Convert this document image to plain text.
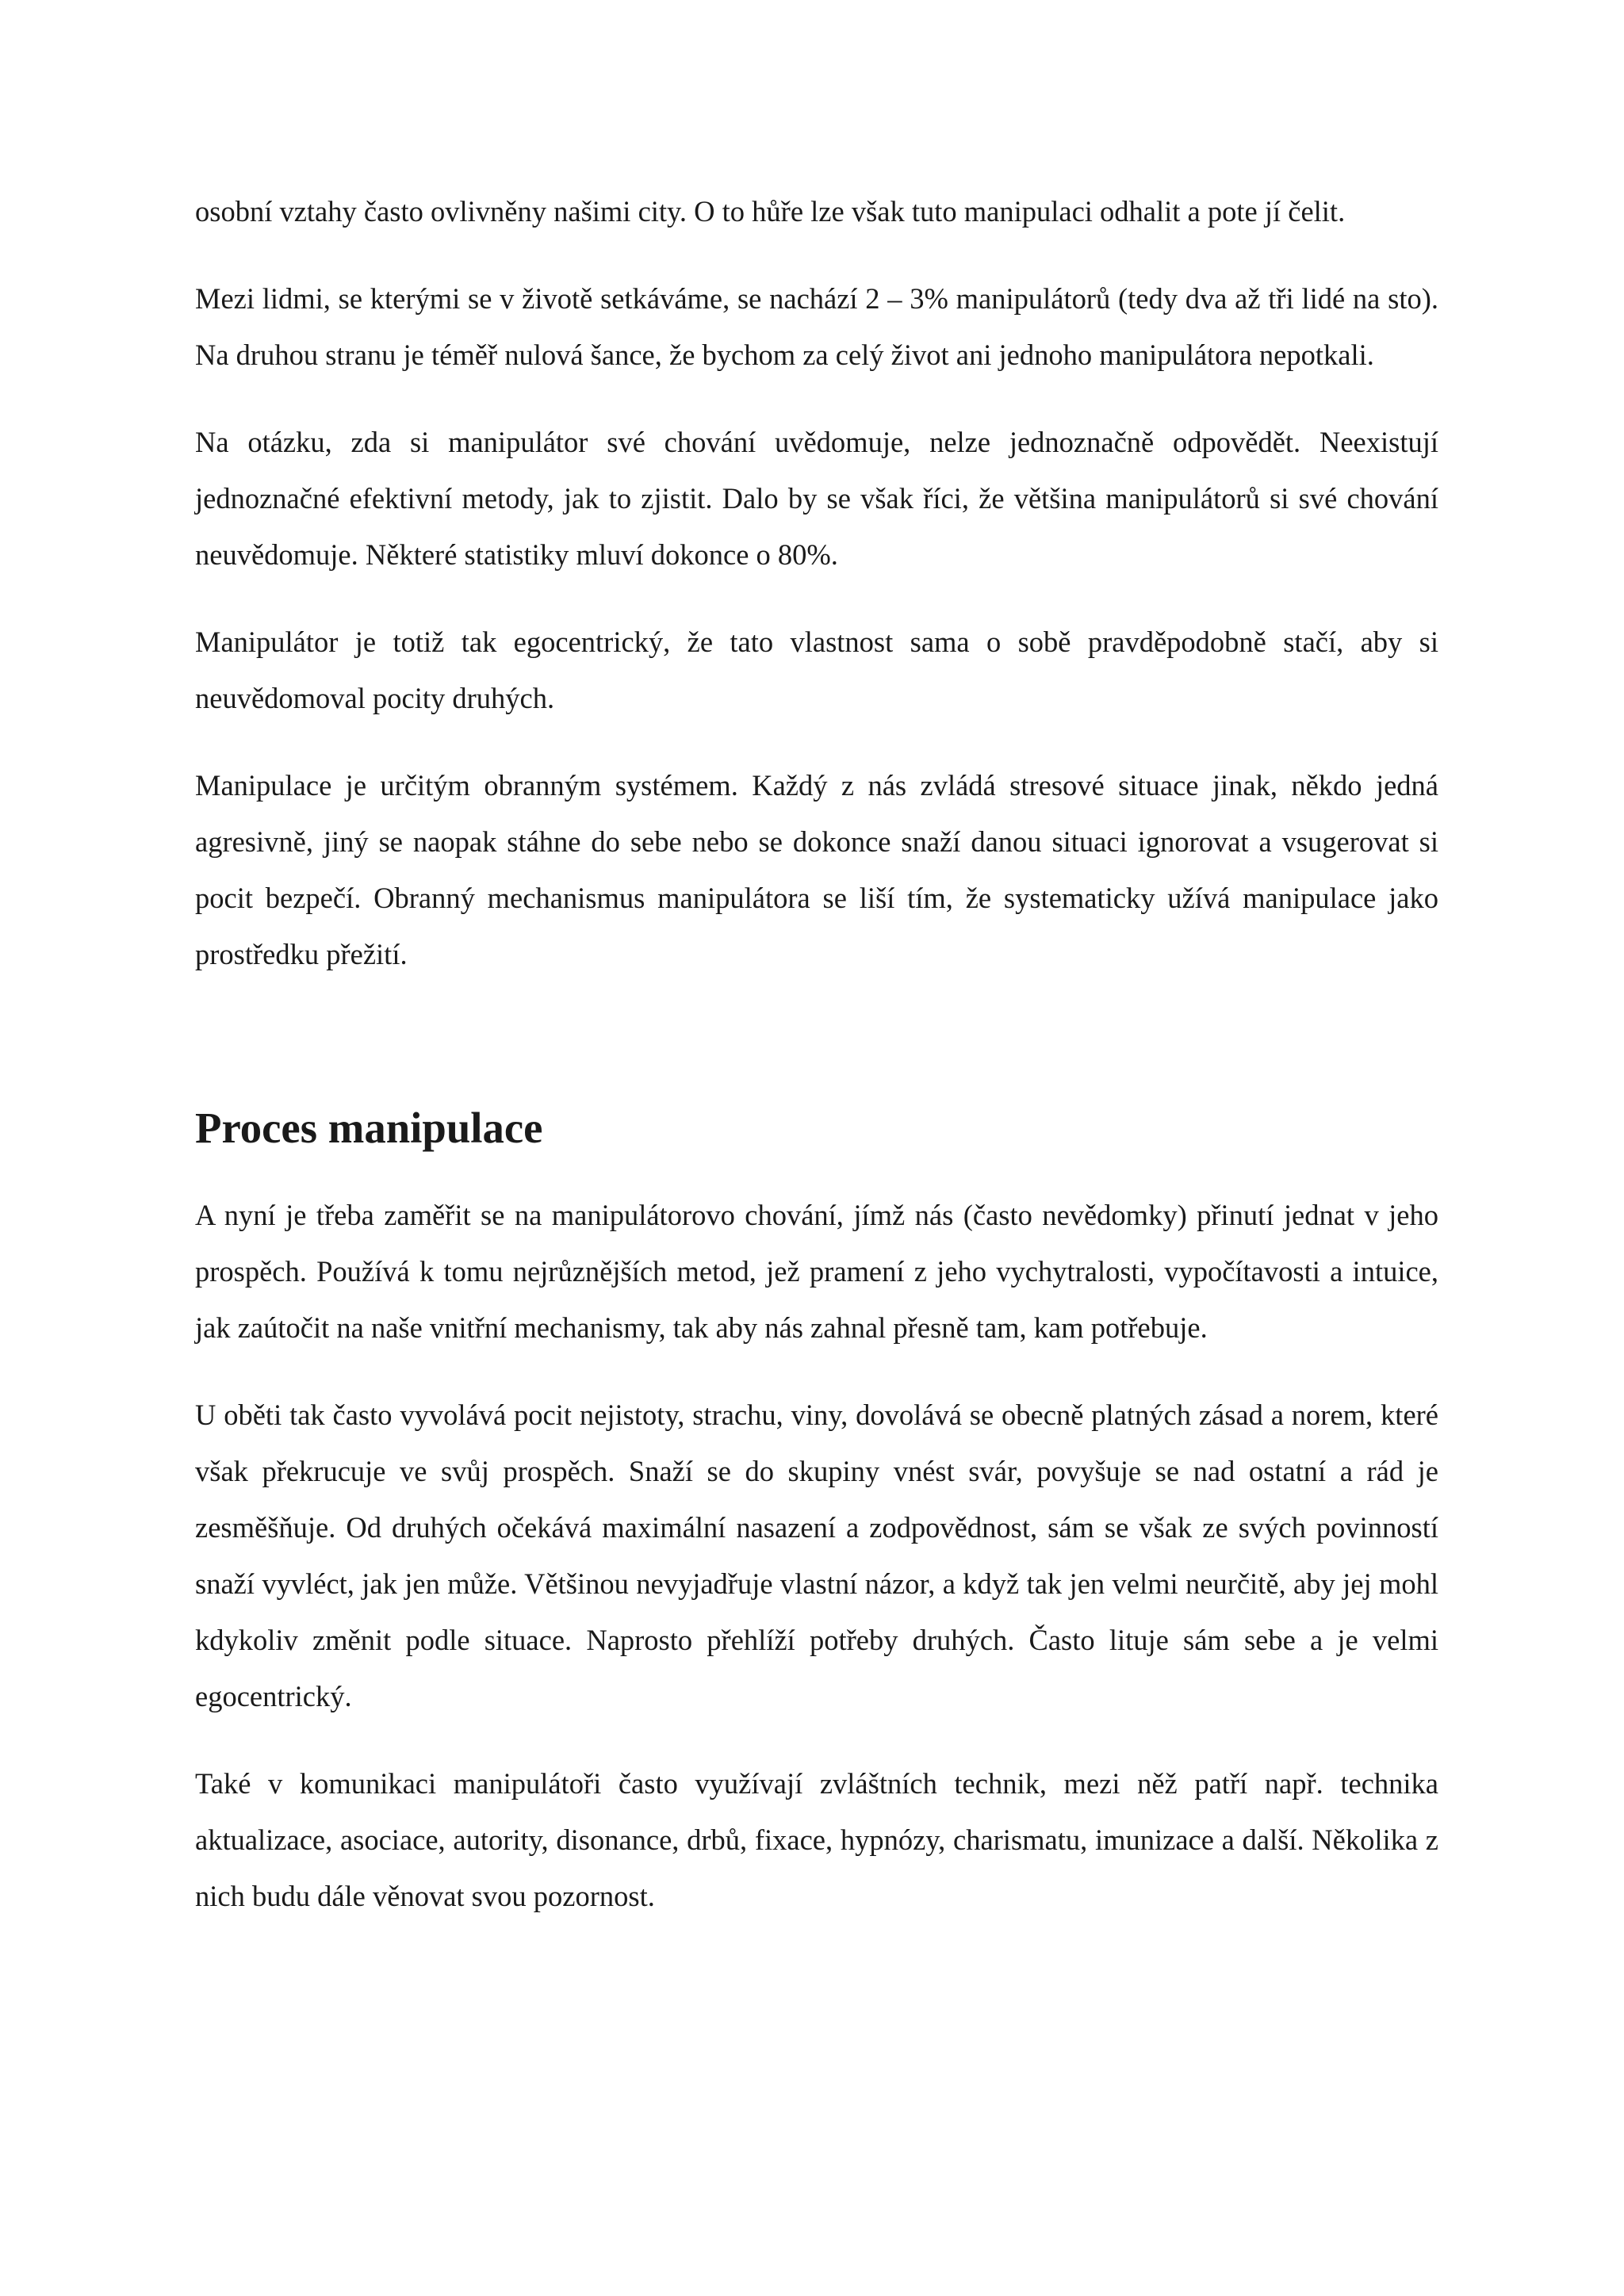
osobní vztahy často ovlivněny našimi city. O to hůře lze však tuto manipulaci odhalit a pote jí čelit.

Mezi lidmi, se kterými se v životě setkáváme, se nachází 2 – 3% manipulátorů (tedy dva až tři lidé na sto). Na druhou stranu je téměř nulová šance, že bychom za celý život ani jednoho manipulátora nepotkali.

Na otázku, zda si manipulátor své chování uvědomuje, nelze jednoznačně odpovědět. Neexistují jednoznačné efektivní metody, jak to zjistit. Dalo by se však říci, že většina manipulátorů si své chování neuvědomuje. Některé statistiky mluví dokonce o 80%.

Manipulátor je totiž tak egocentrický, že tato vlastnost sama o sobě pravděpodobně stačí, aby si neuvědomoval pocity druhých.

Manipulace je určitým obranným systémem. Každý z nás zvládá stresové situace jinak, někdo jedná agresivně, jiný se naopak stáhne do sebe nebo se dokonce snaží danou situaci ignorovat a vsugerovat si pocit bezpečí. Obranný mechanismus manipulátora se liší tím, že systematicky užívá manipulace jako prostředku přežití.

Proces manipulace

A nyní je třeba zaměřit se na manipulátorovo chování, jímž nás (často nevědomky) přinutí jednat v jeho prospěch. Používá k tomu nejrůznějších metod, jež pramení z jeho vychytralosti, vypočítavosti a intuice, jak zaútočit na naše vnitřní mechanismy, tak aby nás zahnal přesně tam, kam potřebuje.

U oběti tak často vyvolává pocit nejistoty, strachu, viny, dovolává se obecně platných zásad a norem, které však překrucuje ve svůj prospěch. Snaží se do skupiny vnést svár, povyšuje se nad ostatní a rád je zesměšňuje. Od druhých očekává maximální nasazení a zodpovědnost, sám se však ze svých povinností snaží vyvléct, jak jen může. Většinou nevyjadřuje vlastní názor, a když tak jen velmi neurčitě, aby jej mohl kdykoliv změnit podle situace. Naprosto přehlíží potřeby druhých. Často lituje sám sebe a je velmi egocentrický.

Také v komunikaci manipulátoři často využívají zvláštních technik, mezi něž patří např. technika aktualizace, asociace, autority, disonance, drbů, fixace, hypnózy, charismatu, imunizace a další. Několika z nich budu dále věnovat svou pozornost.
